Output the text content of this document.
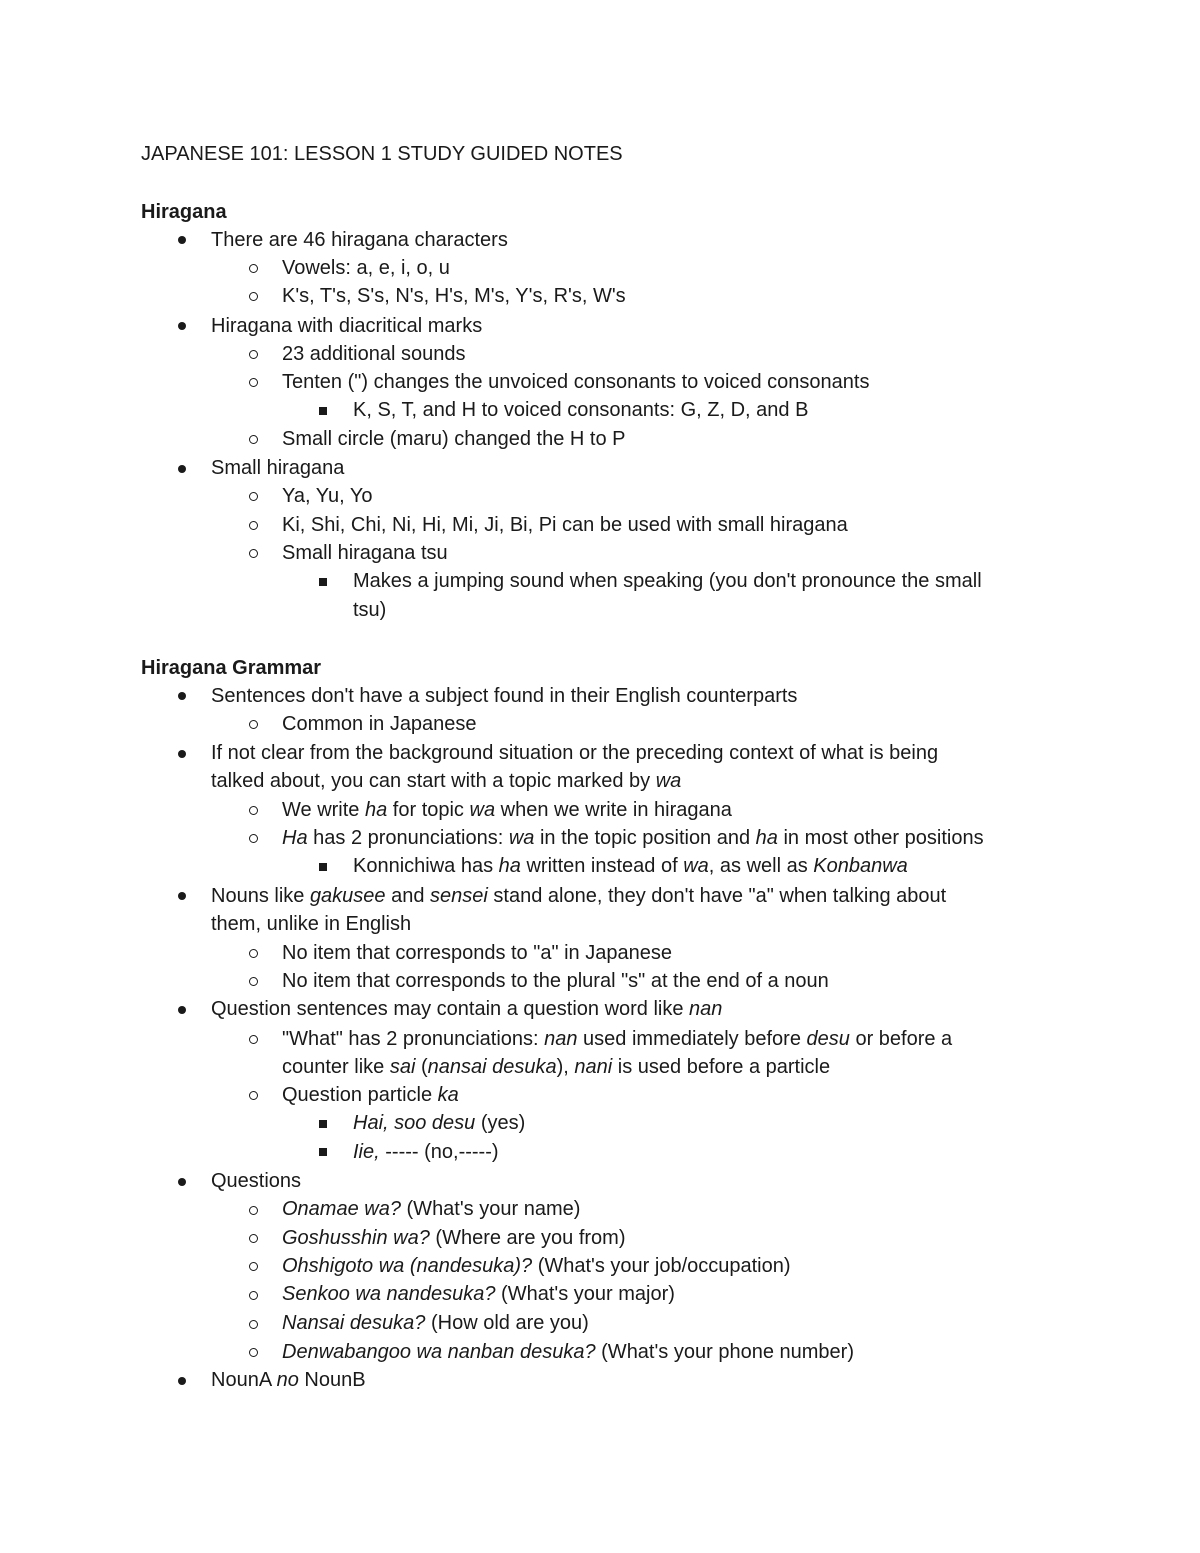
JAPANESE 101: LESSON 1 STUDY GUIDED NOTES
Hiragana
There are 46 hiragana characters
Vowels: a, e, i, o, u
K's, T's, S's, N's, H's, M's, Y's, R's, W's
Hiragana with diacritical marks
23 additional sounds
Tenten (") changes the unvoiced consonants to voiced consonants
K, S, T, and H to voiced consonants: G, Z, D, and B
Small circle (maru) changed the H to P
Small hiragana
Ya, Yu, Yo
Ki, Shi, Chi, Ni, Hi, Mi, Ji, Bi, Pi can be used with small hiragana
Small hiragana tsu
Makes a jumping sound when speaking (you don't pronounce the small
tsu)
Hiragana Grammar
Sentences don't have a subject found in their English counterparts
Common in Japanese
If not clear from the background situation or the preceding context of what is being
talked about, you can start with a topic marked by wa
We write ha for topic wa when we write in hiragana
Ha has 2 pronunciations: wa in the topic position and ha in most other positions
Konnichiwa has ha written instead of wa, as well as Konbanwa
Nouns like gakusee and sensei stand alone, they don't have "a" when talking about
them, unlike in English
No item that corresponds to "a" in Japanese
No item that corresponds to the plural "s" at the end of a noun
Question sentences may contain a question word like nan
"What" has 2 pronunciations: nan used immediately before desu or before a
counter like sai (nansai desuka), nani is used before a particle
Question particle ka
Hai, soo desu (yes)
Iie, ----- (no,-----)
Questions
Onamae wa? (What's your name)
Goshusshin wa? (Where are you from)
Ohshigoto wa (nandesuka)? (What's your job/occupation)
Senkoo wa nandesuka? (What's your major)
Nansai desuka? (How old are you)
Denwabangoo wa nanban desuka? (What's your phone number)
NounA no NounB
